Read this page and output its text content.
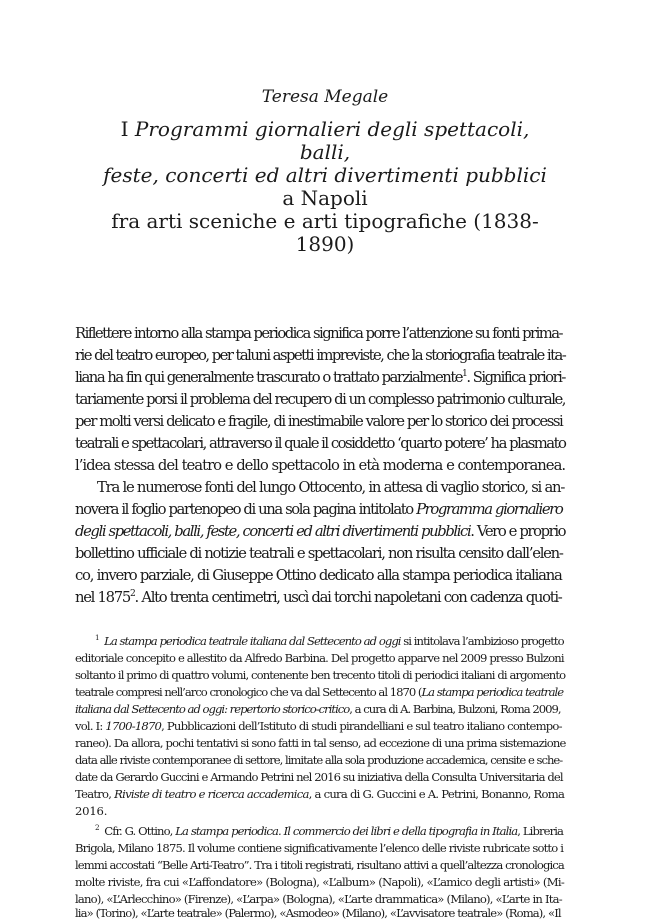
Teresa Megale
I Programmi giornalieri degli spettacoli, balli,
feste, concerti ed altri divertimenti pubblici a Napoli
fra arti sceniche e arti tipografiche (1838-1890)
Riflettere intorno alla stampa periodica significa porre l’attenzione su fonti prima-
rie del teatro europeo, per taluni aspetti impreviste, che la storiografia teatrale ita-
liana ha fin qui generalmente trascurato o trattato parzialmente$^1$. Significa priori-
tariamente porsi il problema del recupero di un complesso patrimonio culturale,
per molti versi delicato e fragile, di inestimabile valore per lo storico dei processi
teatrali e spettacolari, attraverso il quale il cosiddetto ‘quarto potere’ ha plasmato
l’idea stessa del teatro e dello spettacolo in età moderna e contemporanea.
Tra le numerose fonti del lungo Ottocento, in attesa di vaglio storico, si an-
novera il foglio partenopeo di una sola pagina intitolato Programma giornaliero
degli spettacoli, balli, feste, concerti ed altri divertimenti pubblici. Vero e proprio
bollettino ufficiale di notizie teatrali e spettacolari, non risulta censito dall’elen-
co, invero parziale, di Giuseppe Ottino dedicato alla stampa periodica italiana
nel 1875$^2$. Alto trenta centimetri, uscì dai torchi napoletani con cadenza quoti-
$^1$ La stampa periodica teatrale italiana dal Settecento ad oggi si intitolava l’ambizioso progetto
editoriale concepito e allestito da Alfredo Barbina. Del progetto apparve nel 2009 presso Bulzoni
soltanto il primo di quattro volumi, contenente ben trecento titoli di periodici italiani di argomento
teatrale compresi nell’arco cronologico che va dal Settecento al 1870 (La stampa periodica teatrale
italiana dal Settecento ad oggi: repertorio storico-critico, a cura di A. Barbina, Bulzoni, Roma 2009,
vol. I: 1700-1870, Pubblicazioni dell’Istituto di studi pirandelliani e sul teatro italiano contempo-
raneo). Da allora, pochi tentativi si sono fatti in tal senso, ad eccezione di una prima sistemazione
data alle riviste contemporanee di settore, limitate alla sola produzione accademica, censite e sche-
date da Gerardo Guccini e Armando Petrini nel 2016 su iniziativa della Consulta Universitaria del
Teatro, Riviste di teatro e ricerca accademica, a cura di G. Guccini e A. Petrini, Bonanno, Roma
2016.
$^2$ Cfr. G. Ottino, La stampa periodica. Il commercio dei libri e della tipografia in Italia, Libreria
Brigola, Milano 1875. Il volume contiene significativamente l’elenco delle riviste rubricate sotto i
lemmi accostati “Belle Arti-Teatro”. Tra i titoli registrati, risultano attivi a quell’altezza cronologica
molte riviste, fra cui «L’affondatore» (Bologna), «L’album» (Napoli), «L’amico degli artisti» (Mi-
lano), «L’Arlecchino» (Firenze), «L’arpa» (Bologna), «L’arte drammatica» (Milano), «L’arte in Ita-
lia» (Torino), «L’arte teatrale» (Palermo), «Asmodeo» (Milano), «L’avvisatore teatrale» (Roma), «Il
